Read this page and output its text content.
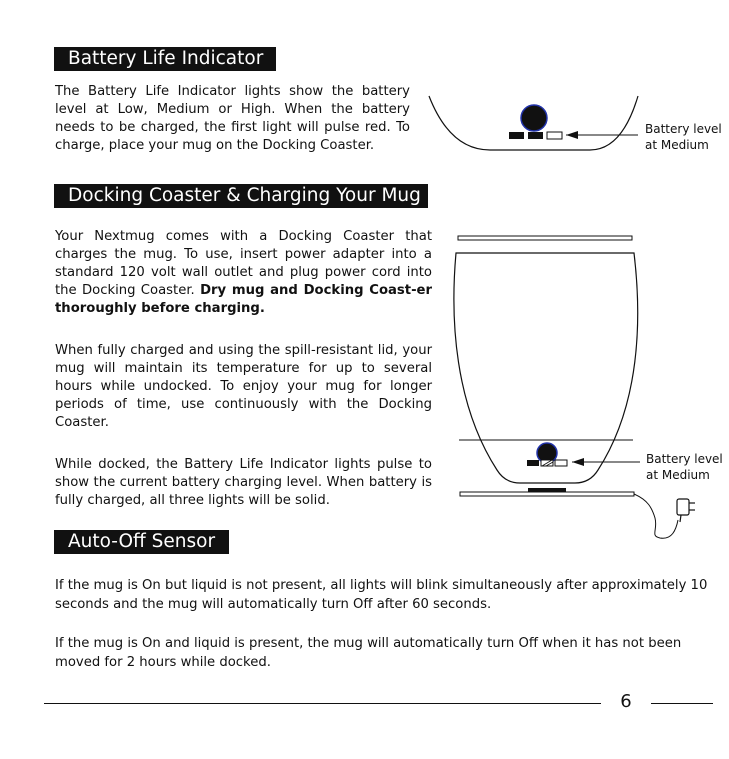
Battery Life Indicator

The Battery Life Indicator lights show the battery level at Low, Medium or High. When the battery needs to be charged, the first light will pulse red. To charge, place your mug on the Docking Coaster.

Battery level
at Medium
Docking Coaster & Charging Your Mug

Your Nextmug comes with a Docking Coaster that charges the mug. To use, insert power adapter into a standard 120 volt wall outlet and plug power cord into the Docking Coaster. Dry mug and Docking Coast-er thoroughly before charging.

When fully charged and using the spill-resistant lid, your mug will maintain its temperature for up to several hours while undocked. To enjoy your mug for longer periods of time, use continuously with the Docking Coaster.

While docked, the Battery Life Indicator lights pulse to show the current battery charging level. When battery is fully charged, all three lights will be solid.

Battery level
at Medium
Auto-Off Sensor

If the mug is On but liquid is not present, all lights will blink simultaneously after approximately 10 seconds and the mug will automatically turn Off after 60 seconds.

If the mug is On and liquid is present, the mug will automatically turn Off when it has not been moved for 2 hours while docked.

6
